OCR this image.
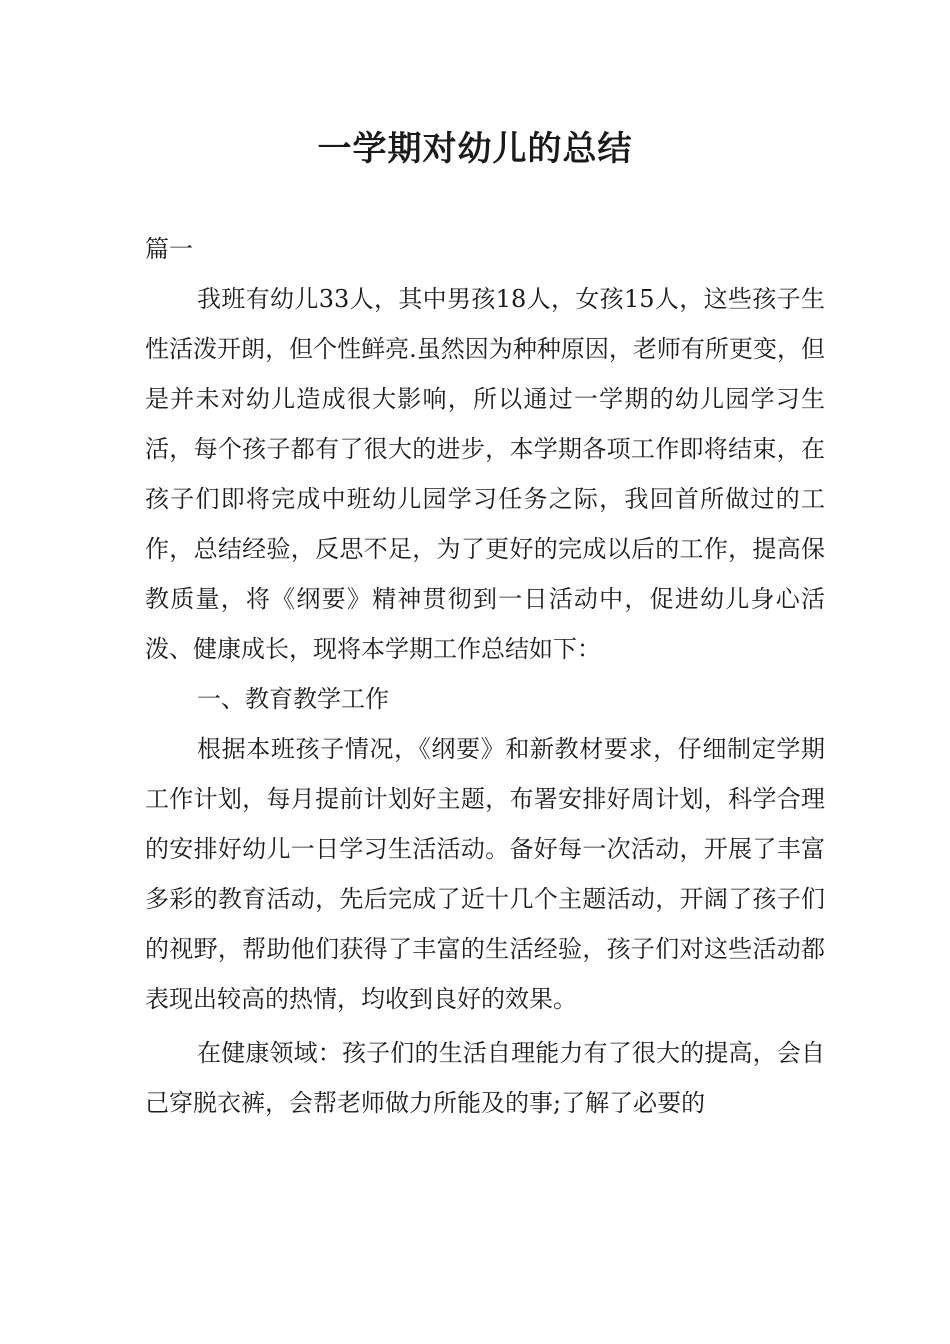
一学期对幼儿的总结

篇一

我班有幼儿33人，其中男孩18人，女孩15人，这些孩子生性活泼开朗，但个性鲜亮.虽然因为种种原因，老师有所更变，但是并未对幼儿造成很大影响，所以通过一学期的幼儿园学习生活，每个孩子都有了很大的进步，本学期各项工作即将结束，在孩子们即将完成中班幼儿园学习任务之际，我回首所做过的工作，总结经验，反思不足，为了更好的完成以后的工作，提高保教质量，将《纲要》精神贯彻到一日活动中，促进幼儿身心活泼、健康成长，现将本学期工作总结如下：

一、教育教学工作

根据本班孩子情况，《纲要》和新教材要求，仔细制定学期工作计划，每月提前计划好主题，布署安排好周计划，科学合理的安排好幼儿一日学习生活活动。备好每一次活动，开展了丰富多彩的教育活动，先后完成了近十几个主题活动，开阔了孩子们的视野，帮助他们获得了丰富的生活经验，孩子们对这些活动都表现出较高的热情，均收到良好的效果。

在健康领域：孩子们的生活自理能力有了很大的提高，会自己穿脱衣裤，会帮老师做力所能及的事;了解了必要的
